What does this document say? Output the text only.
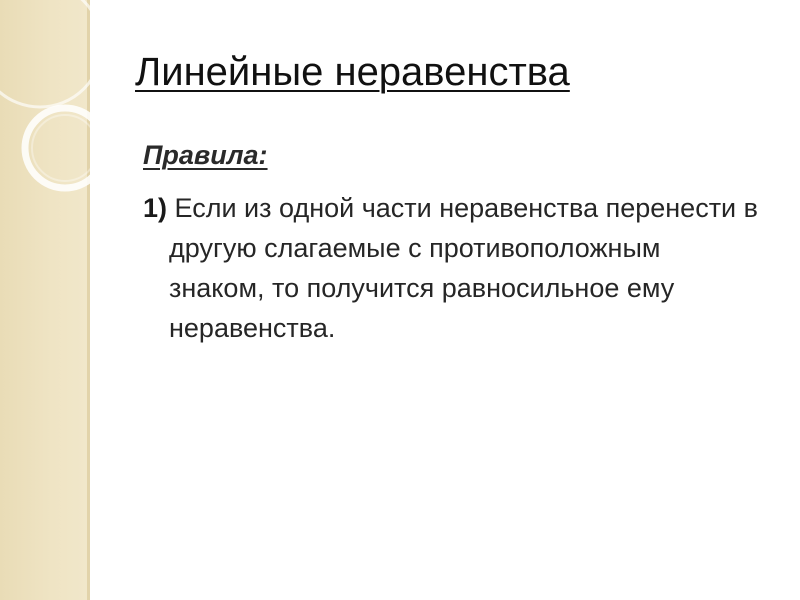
Линейные неравенства
Правила:
1) Если из одной части неравенства перенести в другую слагаемые с противоположным знаком, то получится равносильное ему неравенства.
